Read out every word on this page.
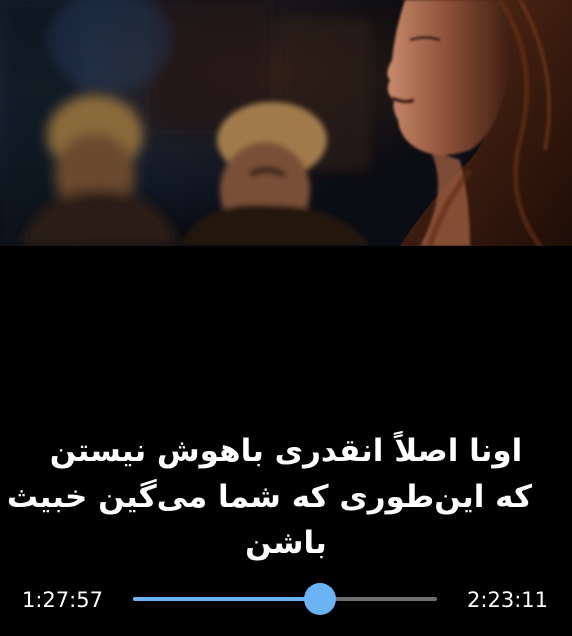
اونا اصلاً انقدری باهوش نیستن
که این‌طوری که شما می‌گین خبیث
باشن
1:27:57	2:23:11
